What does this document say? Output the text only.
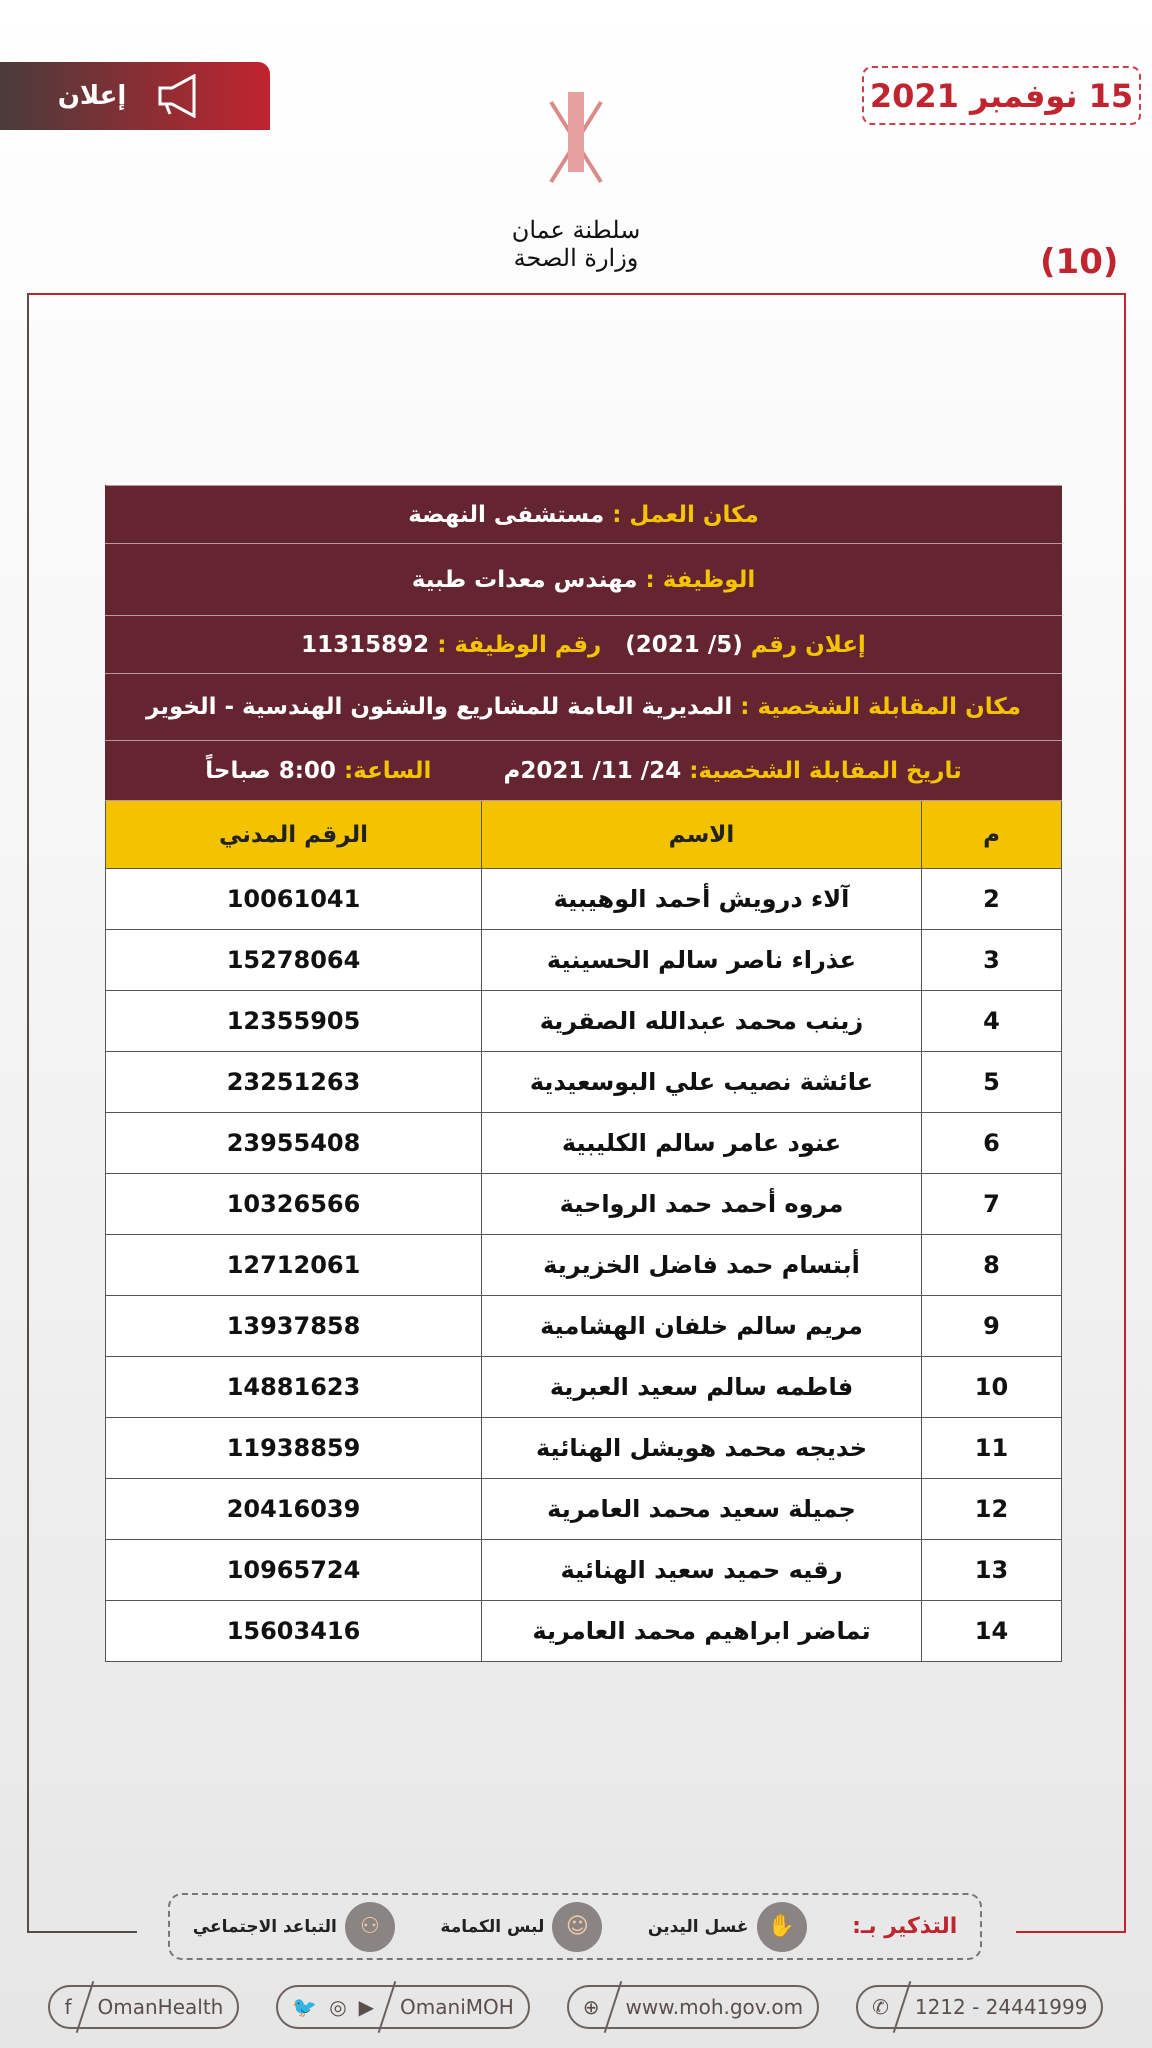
إعلان	15 نوفمبر 2021
سلطنة عمان
وزارة الصحة	(10)
مكان العمل : مستشفى النهضة		
الوظيفة : مهندس معدات طبية		
إعلان رقم (5/ 2021)   رقم الوظيفة : 11315892		
مكان المقابلة الشخصية : المديرية العامة للمشاريع والشئون الهندسية - الخوير		
تاريخ المقابلة الشخصية: 24/ 11/ 2021م         الساعة: 8:00 صباحاً		
م	الاسم	الرقم المدني
2	آلاء درويش أحمد الوهيبية	10061041
3	عذراء ناصر سالم الحسينية	15278064
4	زينب محمد عبدالله الصقرية	12355905
5	عائشة نصيب علي البوسعيدية	23251263
6	عنود عامر سالم الكليبية	23955408
7	مروه أحمد حمد الرواحية	10326566
8	أبتسام حمد فاضل الخزيرية	12712061
9	مريم سالم خلفان الهشامية	13937858
10	فاطمه سالم سعيد العبرية	14881623
11	خديجه محمد هويشل الهنائية	11938859
12	جميلة سعيد محمد العامرية	20416039
13	رقيه حميد سعيد الهنائية	10965724
14	تماضر ابراهيم محمد العامرية	15603416
التذكير بـ:
✋
غسل اليدين
☺
لبس الكمامة
⚇
التباعد الاجتماعي
f OmanHealth	🐦 ◎ ▶ OmaniMOH	⊕ www.moh.gov.om	✆ 1212 - 24441999
